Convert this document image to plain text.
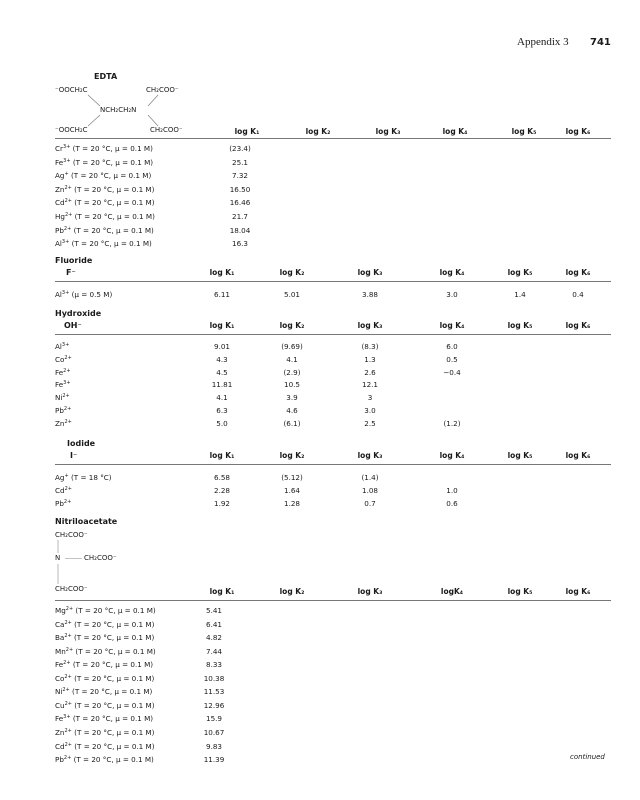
Appendix 3 741
EDTA
⁻OOCH₂C	CH₂COO⁻
NCH₂CH₂N
⁻OOCH₂C	CH₂COO⁻	log K₁	log K₂	log K₃	log K₄	log K₅	log K₆
$Cr^{3+}$ (T = 20 °C, μ = 0.1 M)	(23.4)
$Fe^{3+}$ (T = 20 °C, μ = 0.1 M)	25.1
Ag+ (T = 20 °C, μ = 0.1 M)	7.32
$Zn^{2+}$ (T = 20 °C, μ = 0.1 M)	16.50
$Cd^{2+}$ (T = 20 °C, μ = 0.1 M)	16.46
$Hg^{2+}$ (T = 20 °C, μ = 0.1 M)	21.7
$Pb^{2+}$ (T = 20 °C, μ = 0.1 M)	18.04
$Al^{3+}$ (T = 20 °C, μ = 0.1 M)	16.3
Fluoride
F⁻	log K₁	log K₂	log K₃	log K₄	log K₅	log K₆
$Al^{3+}$ (μ = 0.5 M)	6.11	5.01	3.88	3.0	1.4	0.4
Hydroxide
OH⁻	log K₁	log K₂	log K₃	log K₄	log K₅	log K₆
$Al^{3+}$	9.01	(9.69)	(8.3)	6.0
$Co^{2+}$	4.3	4.1	1.3	0.5
$Fe^{2+}$	4.5	(2.9)	2.6	−0.4
$Fe^{3+}$	11.81	10.5	12.1
$Ni^{2+}$	4.1	3.9	3
$Pb^{2+}$	6.3	4.6	3.0
$Zn^{2+}$	5.0	(6.1)	2.5	(1.2)
Iodide
I⁻	log K₁	log K₂	log K₃	log K₄	log K₅	log K₆
Ag+ (T = 18 °C)	6.58	(5.12)	(1.4)
$Cd^{2+}$	2.28	1.64	1.08	1.0
$Pb^{2+}$	1.92	1.28	0.7	0.6
Nitriloacetate
CH₂COO⁻
N	CH₂COO⁻
CH₂COO⁻	log K₁	log K₂	log K₃	logK₄	log K₅	log K₆
$Mg^{2+}$ (T = 20 °C, μ = 0.1 M)	5.41
$Ca^{2+}$ (T = 20 °C, μ = 0.1 M)	6.41
$Ba^{2+}$ (T = 20 °C, μ = 0.1 M)	4.82
$Mn^{2+}$ (T = 20 °C, μ = 0.1 M)	7.44
$Fe^{2+}$ (T = 20 °C, μ = 0.1 M)	8.33
$Co^{2+}$ (T = 20 °C, μ = 0.1 M)	10.38
$Ni^{2+}$ (T = 20 °C, μ = 0.1 M)	11.53
$Cu^{2+}$ (T = 20 °C, μ = 0.1 M)	12.96
$Fe^{3+}$ (T = 20 °C, μ = 0.1 M)	15.9
$Zn^{2+}$ (T = 20 °C, μ = 0.1 M)	10.67
$Cd^{2+}$ (T = 20 °C, μ = 0.1 M)	9.83
$Pb^{2+}$ (T = 20 °C, μ = 0.1 M)	11.39	continued
